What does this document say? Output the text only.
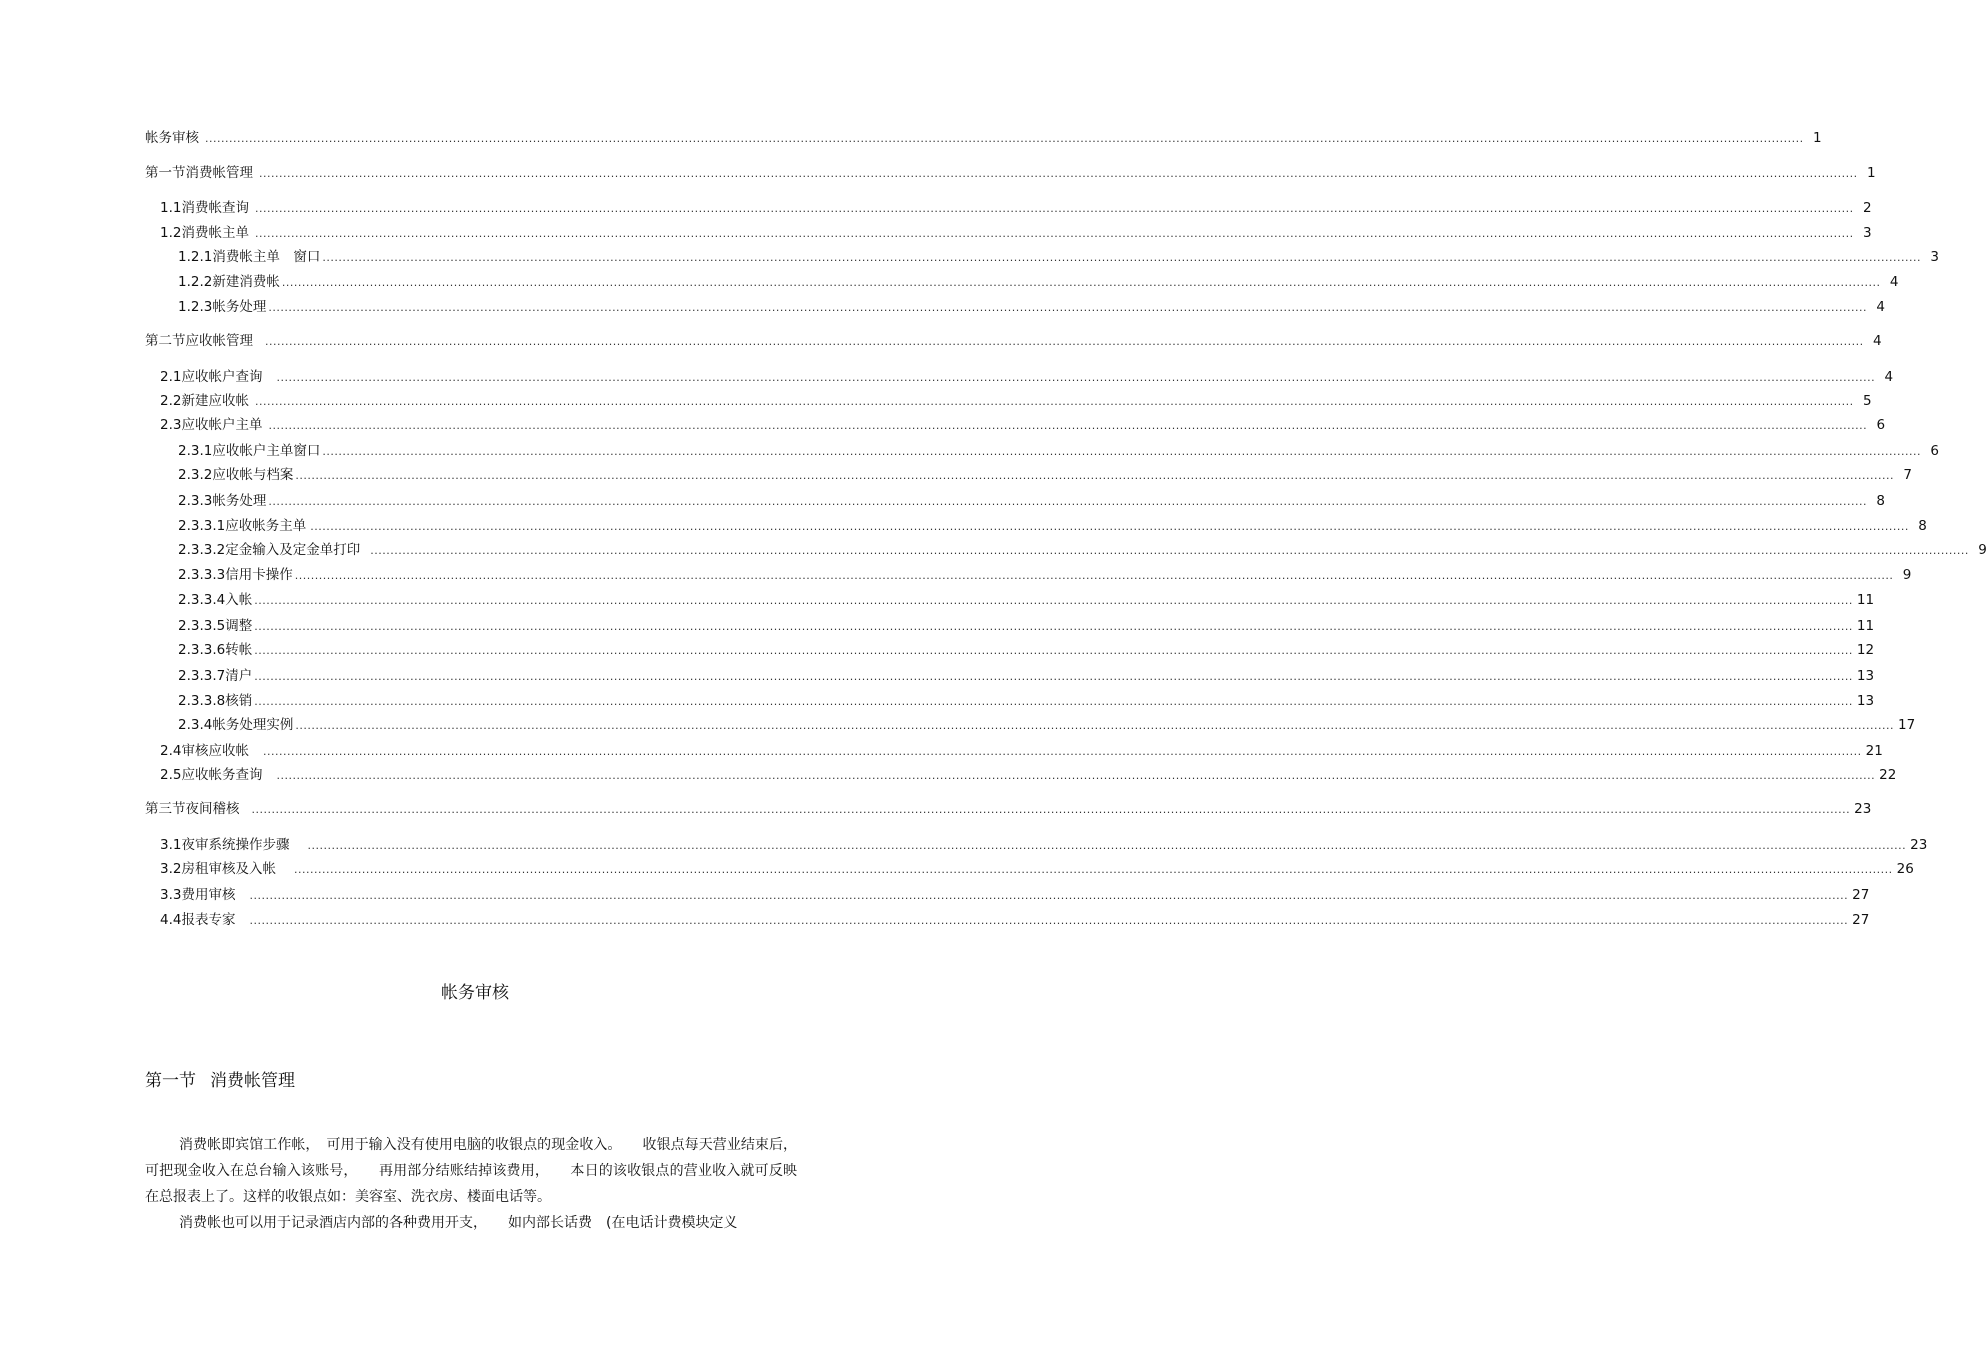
帐务审核 ................................................................................................................................................................................................................................................................................................................................................................................................................ 1
第一节 消费帐管理 ................................................................................................................................................................................................................................................................................................................................................................................................................ 1
1.1 消费帐查询 ................................................................................................................................................................................................................................................................................................................................................................................................................ 2
1.2 消费帐主单 ................................................................................................................................................................................................................................................................................................................................................................................................................ 3
1.2.1 消费帐主单　窗口 ................................................................................................................................................................................................................................................................................................................................................................................................................ 3
1.2.2 新建消费帐 ................................................................................................................................................................................................................................................................................................................................................................................................................ 4
1.2.3 帐务处理 ................................................................................................................................................................................................................................................................................................................................................................................................................ 4
第二节 应收帐管理 ................................................................................................................................................................................................................................................................................................................................................................................................................ 4
2.1 应收帐户查询 ................................................................................................................................................................................................................................................................................................................................................................................................................ 4
2.2 新建应收帐 ................................................................................................................................................................................................................................................................................................................................................................................................................ 5
2.3 应收帐户主单 ................................................................................................................................................................................................................................................................................................................................................................................................................ 6
2.3.1 应收帐户主单窗口 ................................................................................................................................................................................................................................................................................................................................................................................................................ 6
2.3.2 应收帐与档案 ................................................................................................................................................................................................................................................................................................................................................................................................................ 7
2.3.3 帐务处理 ................................................................................................................................................................................................................................................................................................................................................................................................................ 8
2.3.3.1 应收帐务主单 ................................................................................................................................................................................................................................................................................................................................................................................................................ 8
2.3.3.2 定金输入及定金单打印 ................................................................................................................................................................................................................................................................................................................................................................................................................ 9
2.3.3.3 信用卡操作 ................................................................................................................................................................................................................................................................................................................................................................................................................ 9
2.3.3.4 入帐 ................................................................................................................................................................................................................................................................................................................................................................................................................ 11
2.3.3.5 调整 ................................................................................................................................................................................................................................................................................................................................................................................................................ 11
2.3.3.6 转帐 ................................................................................................................................................................................................................................................................................................................................................................................................................ 12
2.3.3.7 清户 ................................................................................................................................................................................................................................................................................................................................................................................................................ 13
2.3.3.8 核销 ................................................................................................................................................................................................................................................................................................................................................................................................................ 13
2.3.4 帐务处理实例 ................................................................................................................................................................................................................................................................................................................................................................................................................ 17
2.4 审核应收帐 ................................................................................................................................................................................................................................................................................................................................................................................................................ 21
2.5 应收帐务查询 ................................................................................................................................................................................................................................................................................................................................................................................................................ 22
第三节 夜间稽核 ................................................................................................................................................................................................................................................................................................................................................................................................................ 23
3.1 夜审系统操作步骤 ................................................................................................................................................................................................................................................................................................................................................................................................................ 23
3.2 房租审核及入帐 ................................................................................................................................................................................................................................................................................................................................................................................................................ 26
3.3 费用审核 ................................................................................................................................................................................................................................................................................................................................................................................................................ 27
4.4 报表专家 ................................................................................................................................................................................................................................................................................................................................................................................................................ 27
帐务审核
第一节 消费帐管理

消费帐即宾馆工作帐，　可用于输入没有使用电脑的收银点的现金收入。　　收银点每天营业结束后，可把现金收入在总台输入该账号，　　再用部分结账结掉该费用，　　本日的该收银点的营业收入就可反映在总报表上了。这样的收银点如：美容室、洗衣房、楼面电话等。

消费帐也可以用于记录酒店内部的各种费用开支，　　如内部长话费　(在电话计费模块定义
